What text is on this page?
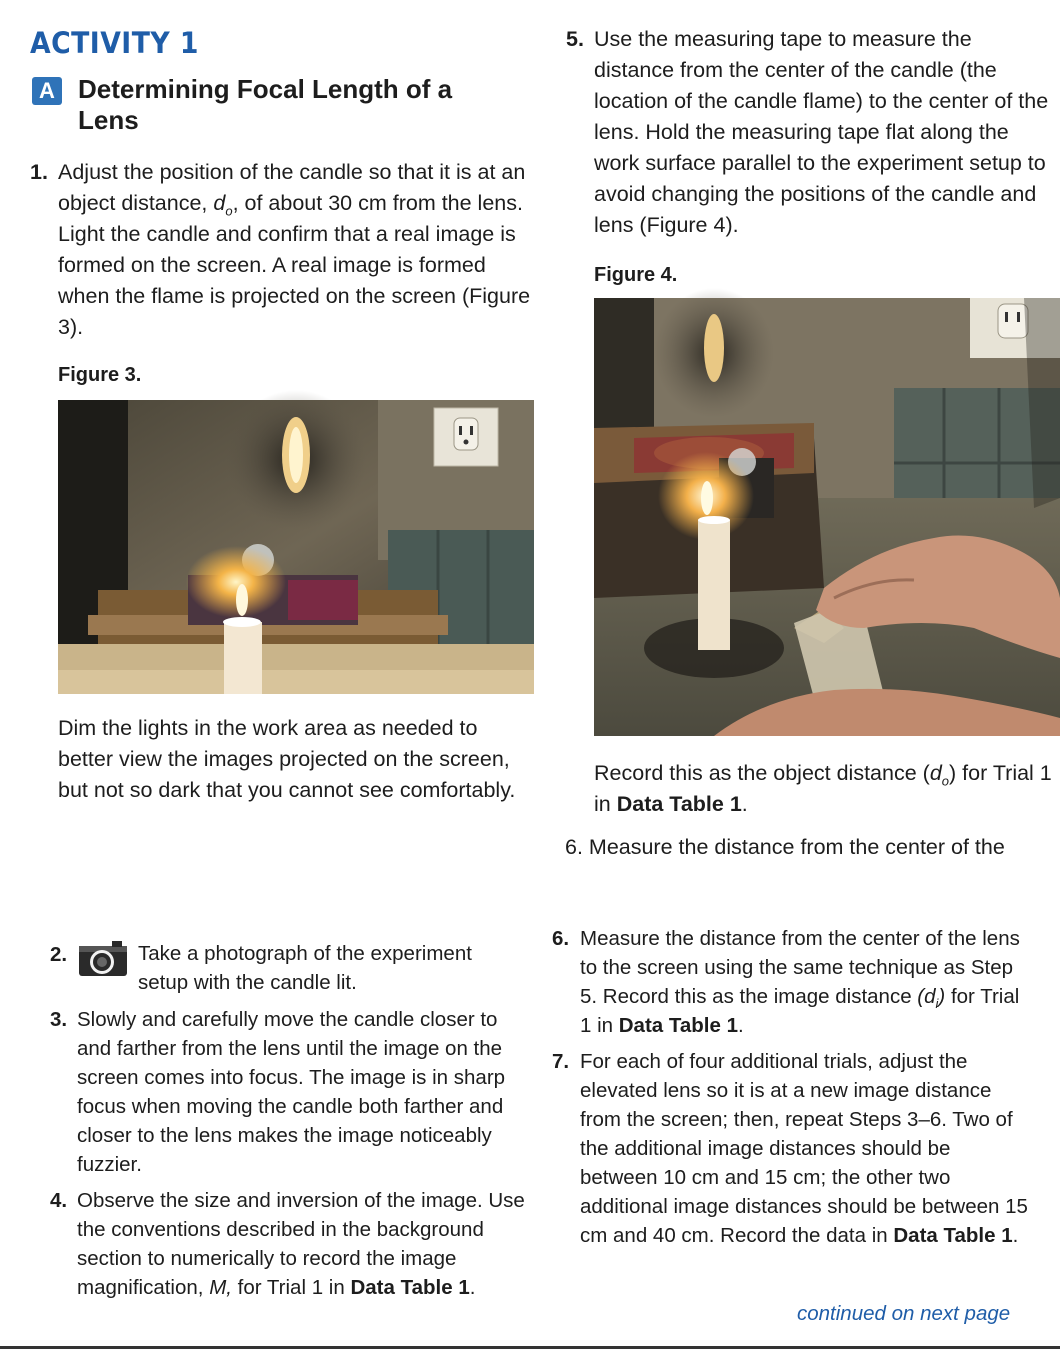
ACTIVITY 1
A Determining Focal Length of a Lens
1. Adjust the position of the candle so that it is at an object distance, $d_o$, of about 30 cm from the lens. Light the candle and confirm that a real image is formed on the screen. A real image is formed when the flame is projected on the screen (Figure 3).
Figure 3.
Dim the lights in the work area as needed to better view the images projected on the screen, but not so dark that you cannot see comfortably.
5. Use the measuring tape to measure the distance from the center of the candle (the location of the candle flame) to the center of the lens. Hold the measuring tape flat along the work surface parallel to the experiment setup to avoid changing the positions of the candle and lens (Figure 4).
Figure 4.
Record this as the object distance $(d_o)$ for Trial 1 in Data Table 1.
6. Measure the distance from the center of the
2.	Take a photograph of the experiment setup with the candle lit.
3. Slowly and carefully move the candle closer to and farther from the lens until the image on the screen comes into focus. The image is in sharp focus when moving the candle both farther and closer to the lens makes the image noticeably fuzzier.
4. Observe the size and inversion of the image. Use the conventions described in the background section to numerically to record the image magnification, M, for Trial 1 in Data Table 1.
6. Measure the distance from the center of the lens to the screen using the same technique as Step 5. Record this as the image distance $(d_i)$ for Trial 1 in Data Table 1.
7. For each of four additional trials, adjust the elevated lens so it is at a new image distance from the screen; then, repeat Steps 3–6. Two of the additional image distances should be between 10 cm and 15 cm; the other two additional image distances should be between 15 cm and 40 cm. Record the data in Data Table 1.
continued on next page
